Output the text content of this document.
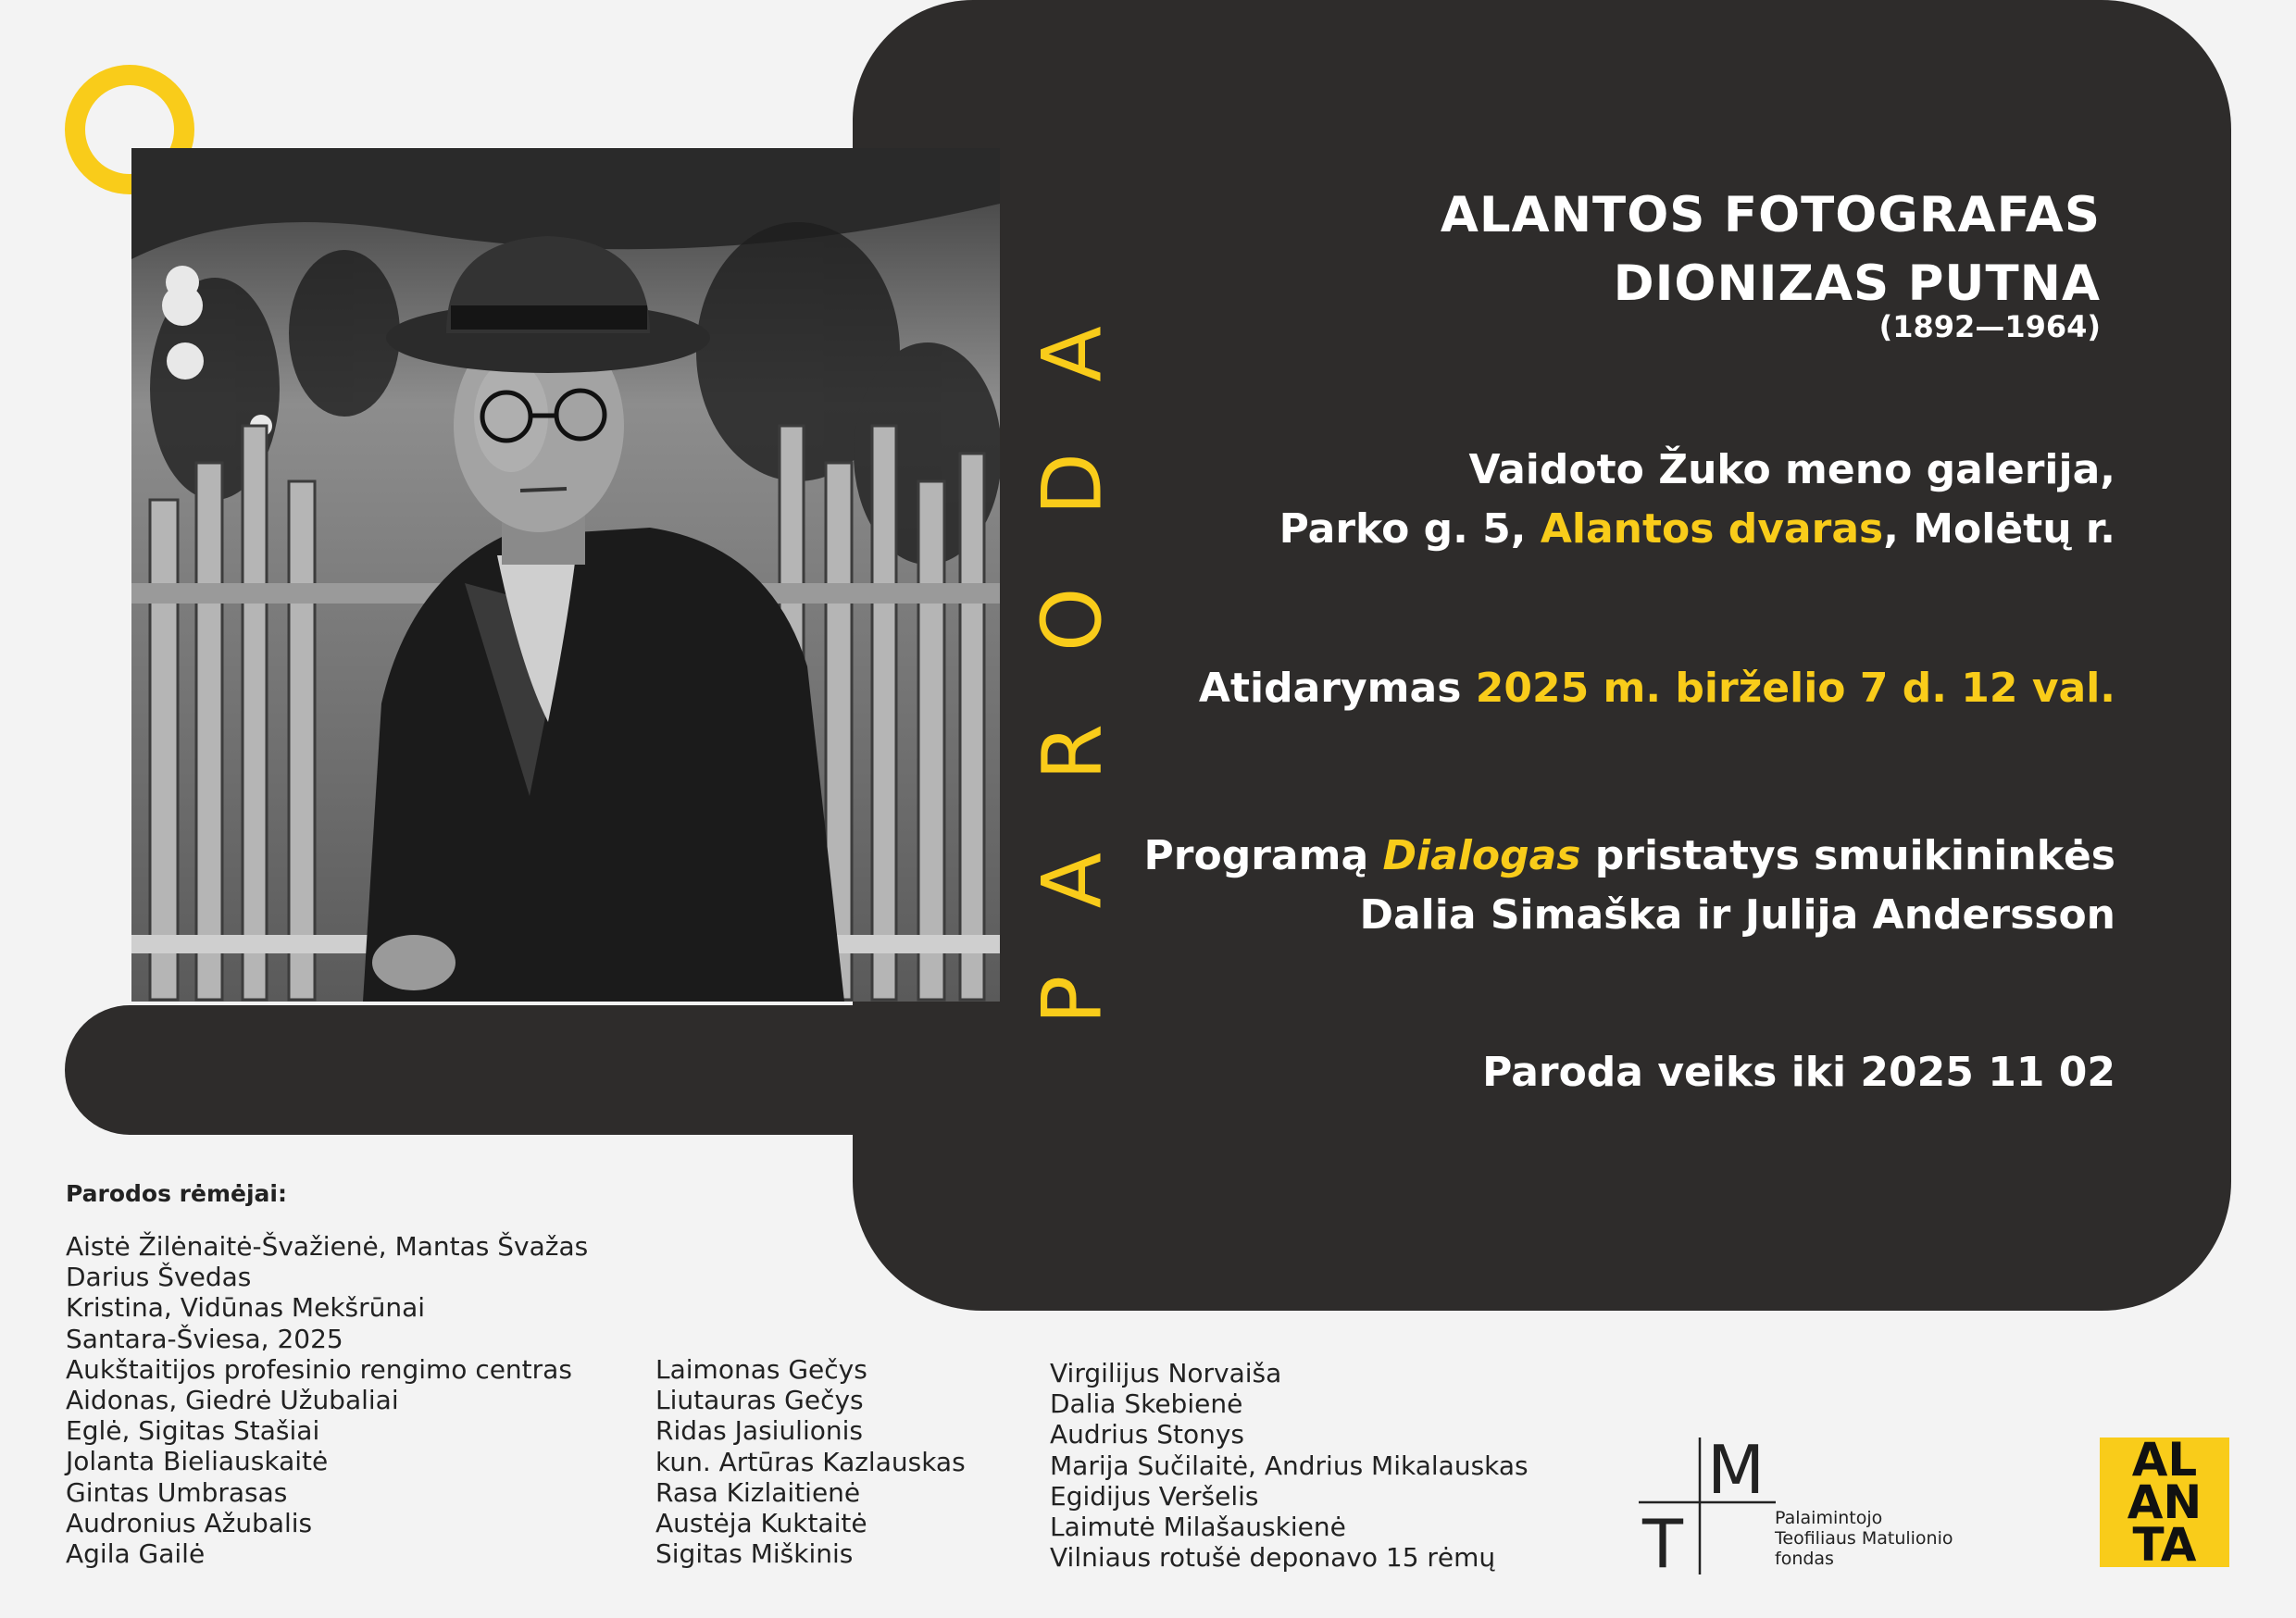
PARODA
ALANTOS FOTOGRAFAS
DIONIZAS PUTNA
(1892—1964)
Vaidoto Žuko meno galerija,
Parko g. 5, Alantos dvaras, Molėtų r.
Atidarymas 2025 m. birželio 7 d. 12 val.
Programą Dialogas pristatys smuikininkės
Dalia Simaška ir Julija Andersson
Paroda veiks iki 2025 11 02
Parodos rėmėjai:
Aistė Žilėnaitė-Švažienė, Mantas Švažas
Darius Švedas
Kristina, Vidūnas Mekšrūnai
Santara-Šviesa, 2025
Aukštaitijos profesinio rengimo centras
Aidonas, Giedrė Užubaliai
Eglė, Sigitas Stašiai
Jolanta Bieliauskaitė
Gintas Umbrasas
Audronius Ažubalis
Agila Gailė
Laimonas Gečys
Liutauras Gečys
Ridas Jasiulionis
kun. Artūras Kazlauskas
Rasa Kizlaitienė
Austėja Kuktaitė
Sigitas Miškinis
Virgilijus Norvaiša
Dalia Skebienė
Audrius Stonys
Marija Sučilaitė, Andrius Mikalauskas
Egidijus Veršelis
Laimutė Milašauskienė
Vilniaus rotušė deponavo 15 rėmų
M
T	Palaimintojo
Teofiliaus Matulionio
fondas
AL
AN
TA
